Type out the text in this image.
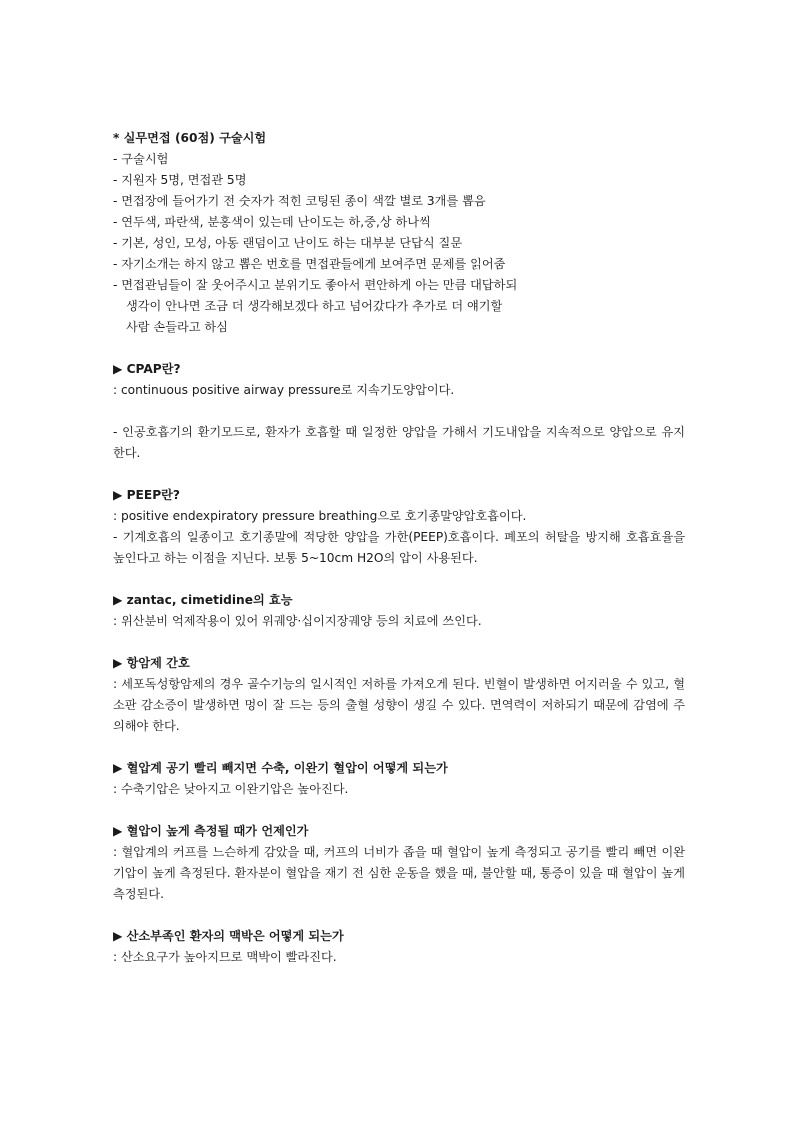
* 실무면접 (60점) 구술시험
- 구술시험
- 지원자 5명, 면접관 5명
- 면접장에 들어가기 전 숫자가 적힌 코팅된 종이 색깔 별로 3개를 뽑음
- 연두색, 파란색, 분홍색이 있는데 난이도는 하,중,상 하나씩
- 기본, 성인, 모성, 아동 랜덤이고 난이도 하는 대부분 단답식 질문
- 자기소개는 하지 않고 뽑은 번호를 면접관들에게 보여주면 문제를 읽어줌
- 면접관님들이 잘 웃어주시고 분위기도 좋아서 편안하게 아는 만큼 대답하되
생각이 안나면 조금 더 생각해보겠다 하고 넘어갔다가 추가로 더 얘기할
사람 손들라고 하심
▶ CPAP란?
: continuous positive airway pressure로 지속기도양압이다.
- 인공호흡기의 환기모드로, 환자가 호흡할 때 일정한 양압을 가해서 기도내압을 지속적으로 양압으로 유지한다.
▶ PEEP란?
: positive endexpiratory pressure breathing으로 호기종말양압호흡이다.
- 기계호흡의 일종이고 호기종말에 적당한 양압을 가한(PEEP)호흡이다. 폐포의 허탈을 방지해 호흡효율을 높인다고 하는 이점을 지닌다. 보통 5~10cm H2O의 압이 사용된다.
▶ zantac, cimetidine의 효능
: 위산분비 억제작용이 있어 위궤양·십이지장궤양 등의 치료에 쓰인다.
▶ 항암제 간호
: 세포독성항암제의 경우 골수기능의 일시적인 저하를 가져오게 된다. 빈혈이 발생하면 어지러울 수 있고, 혈소판 감소증이 발생하면 멍이 잘 드는 등의 출혈 성향이 생길 수 있다. 면역력이 저하되기 때문에 감염에 주의해야 한다.
▶ 혈압계 공기 빨리 빼지면 수축, 이완기 혈압이 어떻게 되는가
: 수축기압은 낮아지고 이완기압은 높아진다.
▶ 혈압이 높게 측정될 때가 언제인가
: 혈압계의 커프를 느슨하게 감았을 때, 커프의 너비가 좁을 때 혈압이 높게 측정되고 공기를 빨리 빼면 이완기압이 높게 측정된다. 환자분이 혈압을 재기 전 심한 운동을 했을 때, 불안할 때, 통증이 있을 때 혈압이 높게 측정된다.
▶ 산소부족인 환자의 맥박은 어떻게 되는가
: 산소요구가 높아지므로 맥박이 빨라진다.
